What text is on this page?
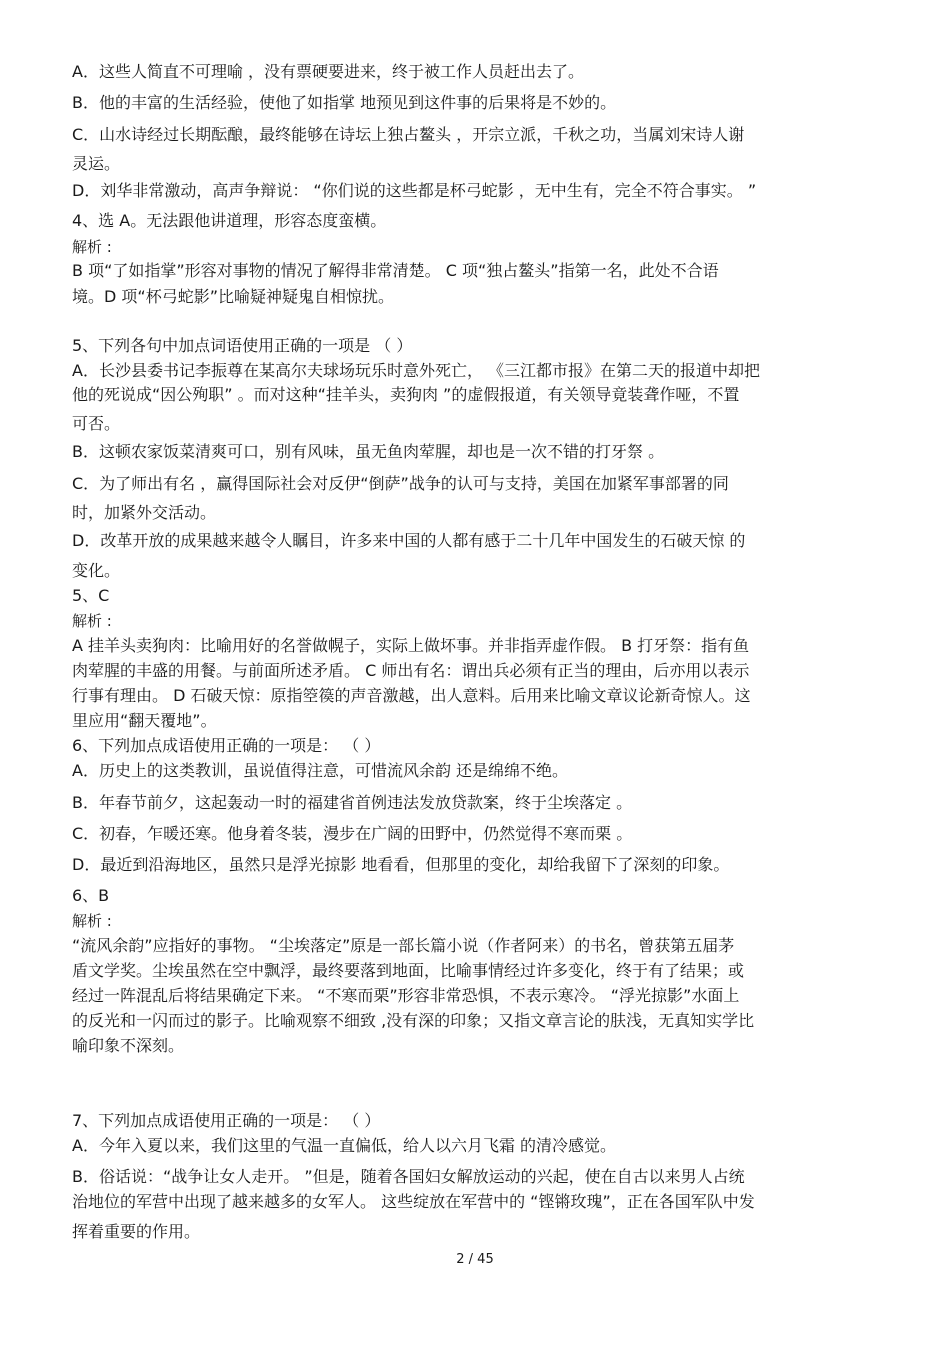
A．这些人简直不可理喻 ，没有票硬要进来，终于被工作人员赶出去了。
B．他的丰富的生活经验，使他了如指掌 地预见到这件事的后果将是不妙的。
C．山水诗经过长期酝酿，最终能够在诗坛上独占鳌头 ，开宗立派，千秋之功，当属刘宋诗人谢
灵运。
D．刘华非常激动，高声争辩说： “你们说的这些都是杯弓蛇影 ，无中生有，完全不符合事实。 ”
4、选 A。无法跟他讲道理，形容态度蛮横。
解析 :
B 项“了如指掌”形容对事物的情况了解得非常清楚。 C 项“独占鳌头”指第一名，此处不合语
境。D 项“杯弓蛇影”比喻疑神疑鬼自相惊扰。
5、下列各句中加点词语使用正确的一项是 （ ）
A．长沙县委书记李振尊在某高尔夫球场玩乐时意外死亡， 《三江都市报》在第二天的报道中却把
他的死说成“因公殉职” 。而对这种“挂羊头，卖狗肉 ”的虚假报道，有关领导竟装聋作哑，不置
可否。
B．这顿农家饭菜清爽可口，别有风味，虽无鱼肉荤腥，却也是一次不错的打牙祭 。
C．为了师出有名 ，赢得国际社会对反伊“倒萨”战争的认可与支持，美国在加紧军事部署的同
时，加紧外交活动。
D．改革开放的成果越来越令人瞩目，许多来中国的人都有感于二十几年中国发生的石破天惊 的
变化。
5、C
解析 :
A 挂羊头卖狗肉：比喻用好的名誉做幌子，实际上做坏事。并非指弄虚作假。 B 打牙祭：指有鱼
肉荤腥的丰盛的用餐。与前面所述矛盾。 C 师出有名：谓出兵必须有正当的理由，后亦用以表示
行事有理由。 D 石破天惊：原指箜篌的声音激越，出人意料。后用来比喻文章议论新奇惊人。这
里应用“翻天覆地”。
6、下列加点成语使用正确的一项是： （ ）
A．历史上的这类教训，虽说值得注意，可惜流风余韵 还是绵绵不绝。
B．年春节前夕，这起轰动一时的福建省首例违法发放贷款案，终于尘埃落定 。
C．初春，乍暖还寒。他身着冬装，漫步在广阔的田野中，仍然觉得不寒而栗 。
D．最近到沿海地区，虽然只是浮光掠影 地看看，但那里的变化，却给我留下了深刻的印象。
6、B
解析 :
“流风余韵”应指好的事物。 “尘埃落定”原是一部长篇小说（作者阿来）的书名，曾获第五届茅
盾文学奖。尘埃虽然在空中飘浮，最终要落到地面，比喻事情经过许多变化，终于有了结果；或
经过一阵混乱后将结果确定下来。 “不寒而栗”形容非常恐惧，不表示寒冷。 “浮光掠影”水面上
的反光和一闪而过的影子。比喻观察不细致 ,没有深的印象；又指文章言论的肤浅，无真知实学比
喻印象不深刻。
7、下列加点成语使用正确的一项是： （ ）
A．今年入夏以来，我们这里的气温一直偏低，给人以六月飞霜 的清冷感觉。
B．俗话说：“战争让女人走开。 ”但是，随着各国妇女解放运动的兴起，使在自古以来男人占统
治地位的军营中出现了越来越多的女军人。 这些绽放在军营中的 “铿锵玫瑰”，正在各国军队中发
挥着重要的作用。
2 / 45
